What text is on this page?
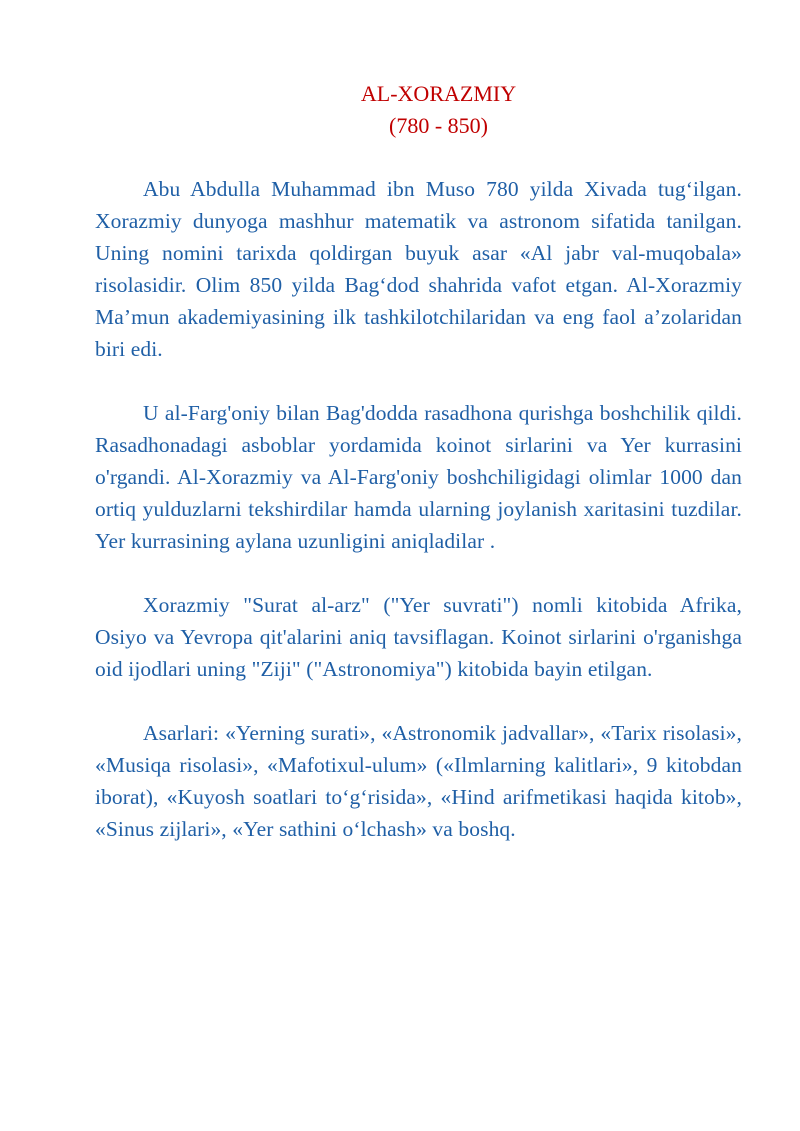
AL-XORAZMIY
(780 - 850)

Abu Abdulla Muhammad ibn Muso 780 yilda Xivada tug‘ilgan. Xorazmiy dunyoga mashhur matematik va astronom sifatida tanilgan. Uning nomini tarixda qoldirgan buyuk asar «Al jabr val-muqobala» risolasidir. Olim 850 yilda Bag‘dod shahrida vafot etgan. Al-Xorazmiy Ma’mun akademiyasining ilk tashkilotchilaridan va eng faol a’zolaridan biri edi.

U al-Farg'oniy bilan Bag'dodda rasadhona qurishga boshchilik qildi. Rasadhonadagi asboblar yordamida koinot sirlarini va Yer kurrasini o'rgandi. Al-Xorazmiy va Al-Farg'oniy boshchiligidagi olimlar 1000 dan ortiq yulduzlarni tekshirdilar hamda ularning joylanish xaritasini tuzdilar. Yer kurrasining aylana uzunligini aniqladilar .

Xorazmiy "Surat al-arz" ("Yer suvrati") nomli kitobida Afrika, Osiyo va Yevropa qit'alarini aniq tavsiflagan. Koinot sirlarini o'rganishga oid ijodlari uning "Ziji" ("Astronomiya") kitobida bayin etilgan.

Asarlari: «Yerning surati», «Astronomik jadvallar», «Tarix risolasi», «Musiqa risolasi», «Mafotixul-ulum» («Ilmlarning kalitlari», 9 kitobdan iborat), «Kuyosh soatlari to‘g‘risida», «Hind arifmetikasi haqida kitob», «Sinus zijlari», «Yer sathini o‘lchash» va boshq.
